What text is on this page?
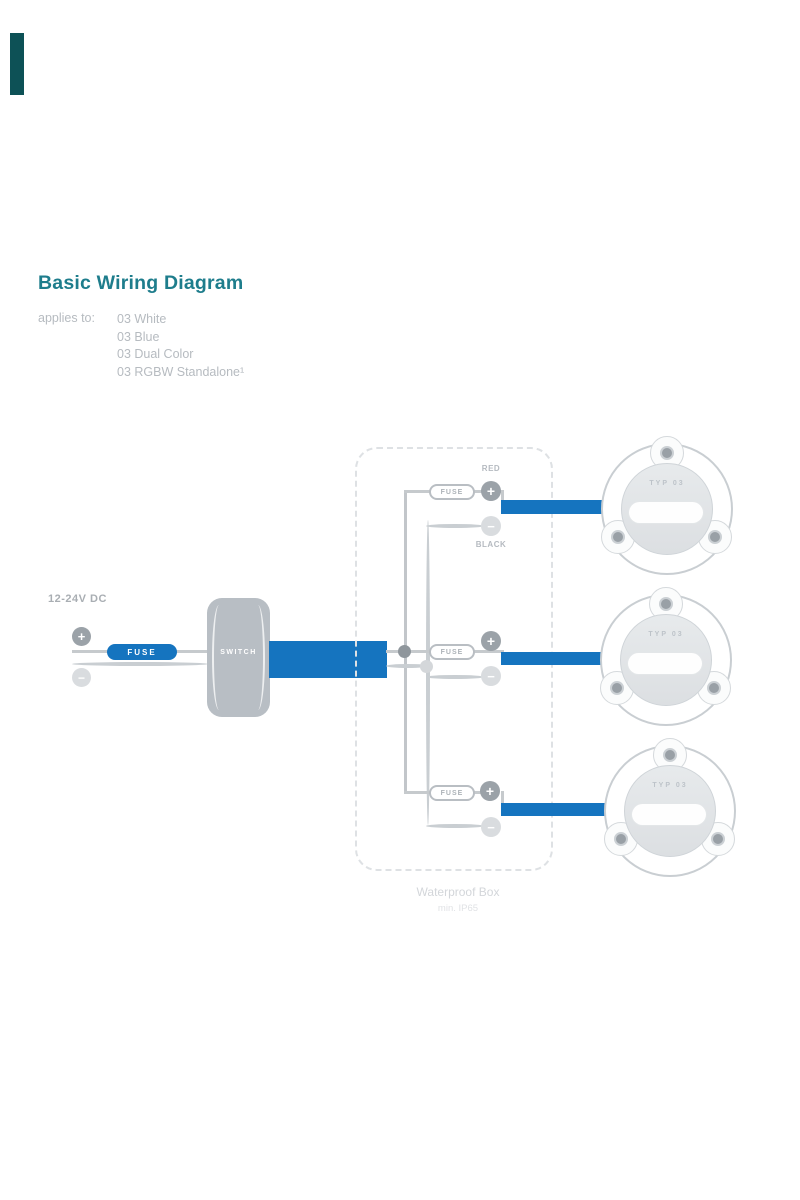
Basic Wiring Diagram
applies to: 03 White
03 Blue
03 Dual Color
03 RGBW Standalone¹
12-24V DC
+
−
FUSE	SWITCH
FUSE
RED
+
−
BLACK
FUSE
+
−
FUSE +
−
TYP 03
TYP 03
TYP 03
Waterproof Box
min. IP65
